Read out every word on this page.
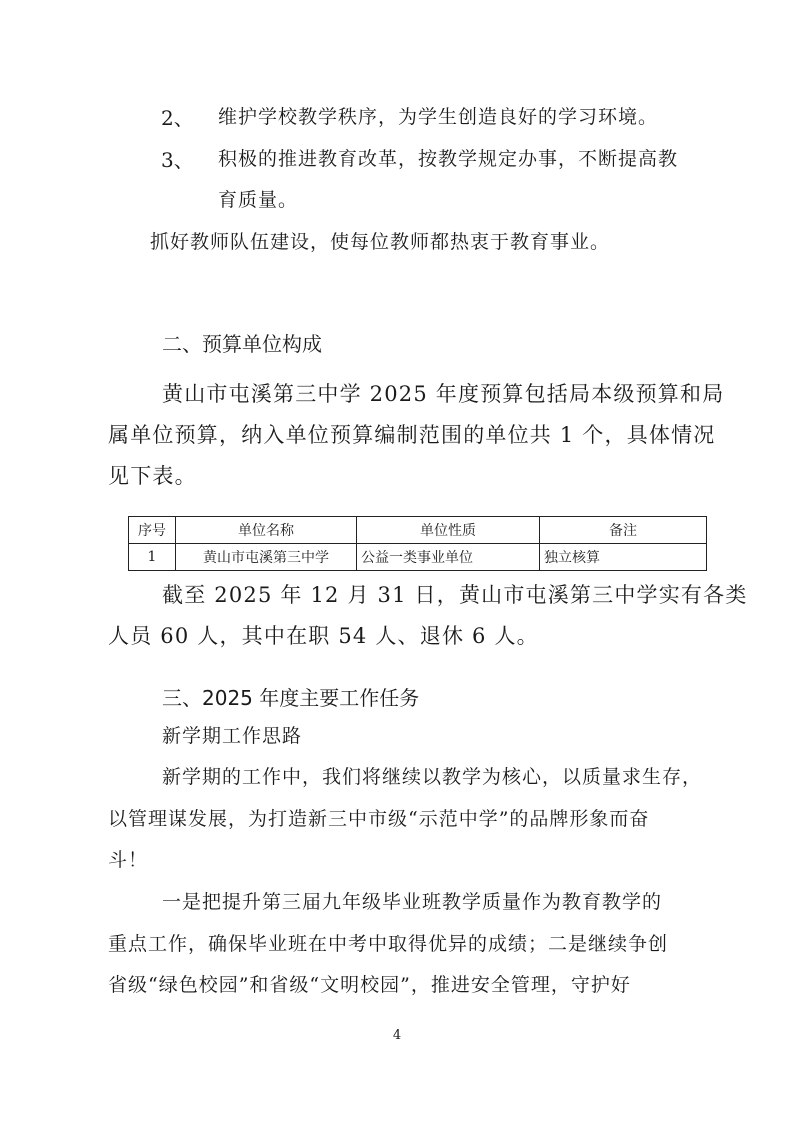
2、 维护学校教学秩序，为学生创造良好的学习环境。
3、 积极的推进教育改革，按教学规定办事，不断提高教
育质量。
抓好教师队伍建设，使每位教师都热衷于教育事业。
二、预算单位构成
黄山市屯溪第三中学 2025 年度预算包括局本级预算和局
属单位预算，纳入单位预算编制范围的单位共 1 个，具体情况
见下表。
序号	单位名称	单位性质	备注
1	黄山市屯溪第三中学	公益一类事业单位	独立核算
截至 2025 年 12 月 31 日，黄山市屯溪第三中学实有各类
人员 60 人，其中在职 54 人、退休 6 人。
三、2025 年度主要工作任务
新学期工作思路
新学期的工作中，我们将继续以教学为核心，以质量求生存，
以管理谋发展，为打造新三中市级“示范中学”的品牌形象而奋
斗！
一是把提升第三届九年级毕业班教学质量作为教育教学的
重点工作，确保毕业班在中考中取得优异的成绩；二是继续争创
省级“绿色校园”和省级“文明校园”，推进安全管理，守护好
4
